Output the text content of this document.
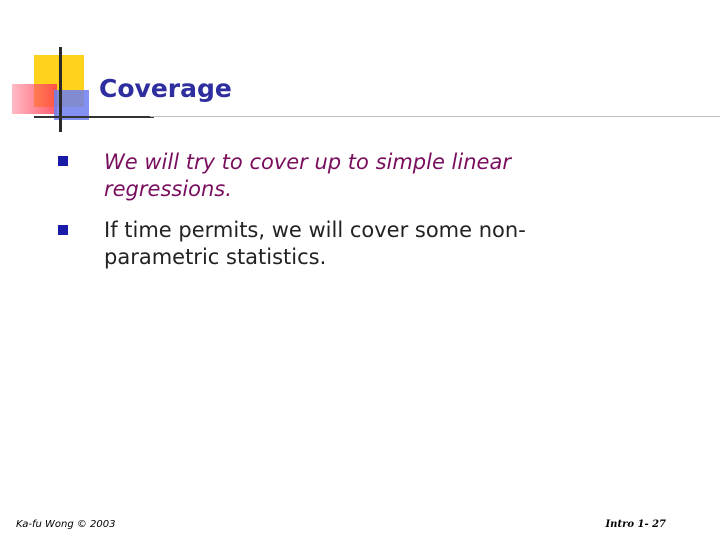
Coverage
We will try to cover up to simple linear regressions.
If time permits, we will cover some non-parametric statistics.
Ka-fu Wong © 2003	Intro 1- 27
